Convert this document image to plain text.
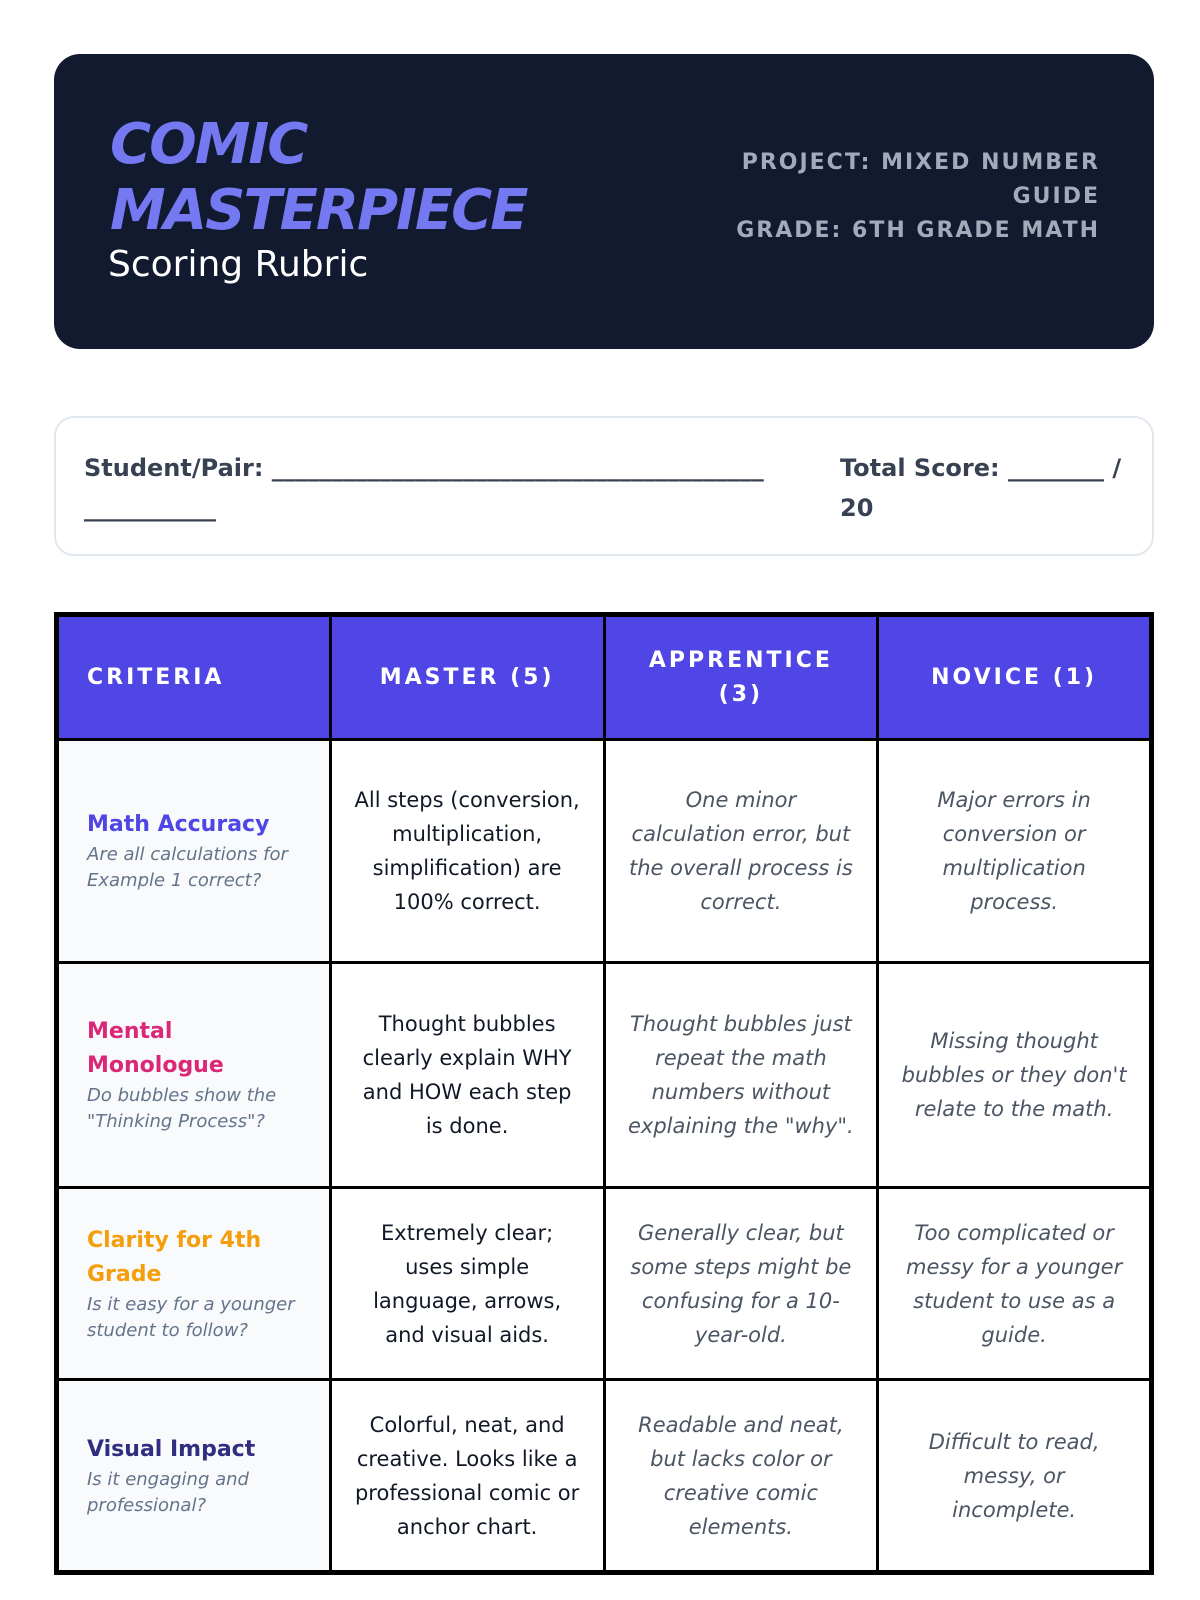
COMIC MASTERPIECE
Scoring Rubric
PROJECT: MIXED NUMBER GUIDE
GRADE: 6TH GRADE MATH
Student/Pair: ____________________________________________________
Total Score: ________ / 20
CRITERIA	MASTER (5)	APPRENTICE (3)	NOVICE (1)

Math Accuracy
Are all calculations for Example 1 correct?	All steps (conversion, multiplication, simplification) are 100% correct.	One minor calculation error, but the overall process is correct.	Major errors in conversion or multiplication process.

Mental Monologue
Do bubbles show the "Thinking Process"?	Thought bubbles clearly explain WHY and HOW each step is done.	Thought bubbles just repeat the math numbers without explaining the "why".	Missing thought bubbles or they don't relate to the math.

Clarity for 4th Grade
Is it easy for a younger student to follow?	Extremely clear; uses simple language, arrows, and visual aids.	Generally clear, but some steps might be confusing for a 10-year-old.	Too complicated or messy for a younger student to use as a guide.

Visual Impact
Is it engaging and professional?	Colorful, neat, and creative. Looks like a professional comic or anchor chart.	Readable and neat, but lacks color or creative comic elements.	Difficult to read, messy, or incomplete.
